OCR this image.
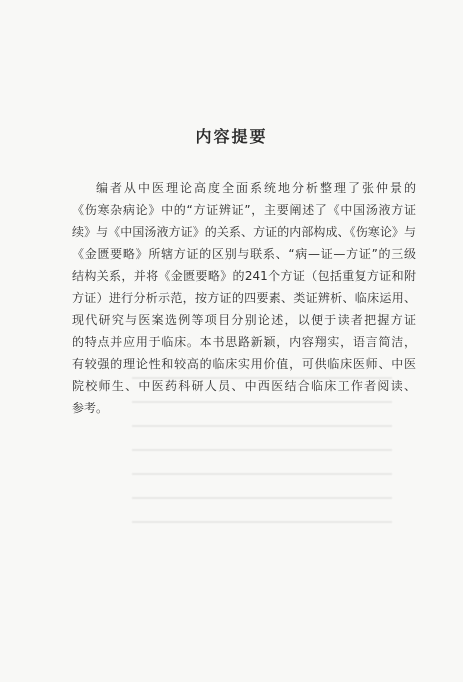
内容提要
编者从中医理论高度全面系统地分析整理了张仲景的
《伤寒杂病论》中的“方证辨证”，主要阐述了《中国汤液方证
续》与《中国汤液方证》的关系、方证的内部构成、《伤寒论》与
《金匮要略》所辖方证的区别与联系、“病—证—方证”的三级
结构关系，并将《金匮要略》的241个方证（包括重复方证和附
方证）进行分析示范，按方证的四要素、类证辨析、临床运用、
现代研究与医案选例等项目分别论述，以便于读者把握方证
的特点并应用于临床。本书思路新颖，内容翔实，语言简洁，
有较强的理论性和较高的临床实用价值，可供临床医师、中医
院校师生、中医药科研人员、中西医结合临床工作者阅读、
参考。
